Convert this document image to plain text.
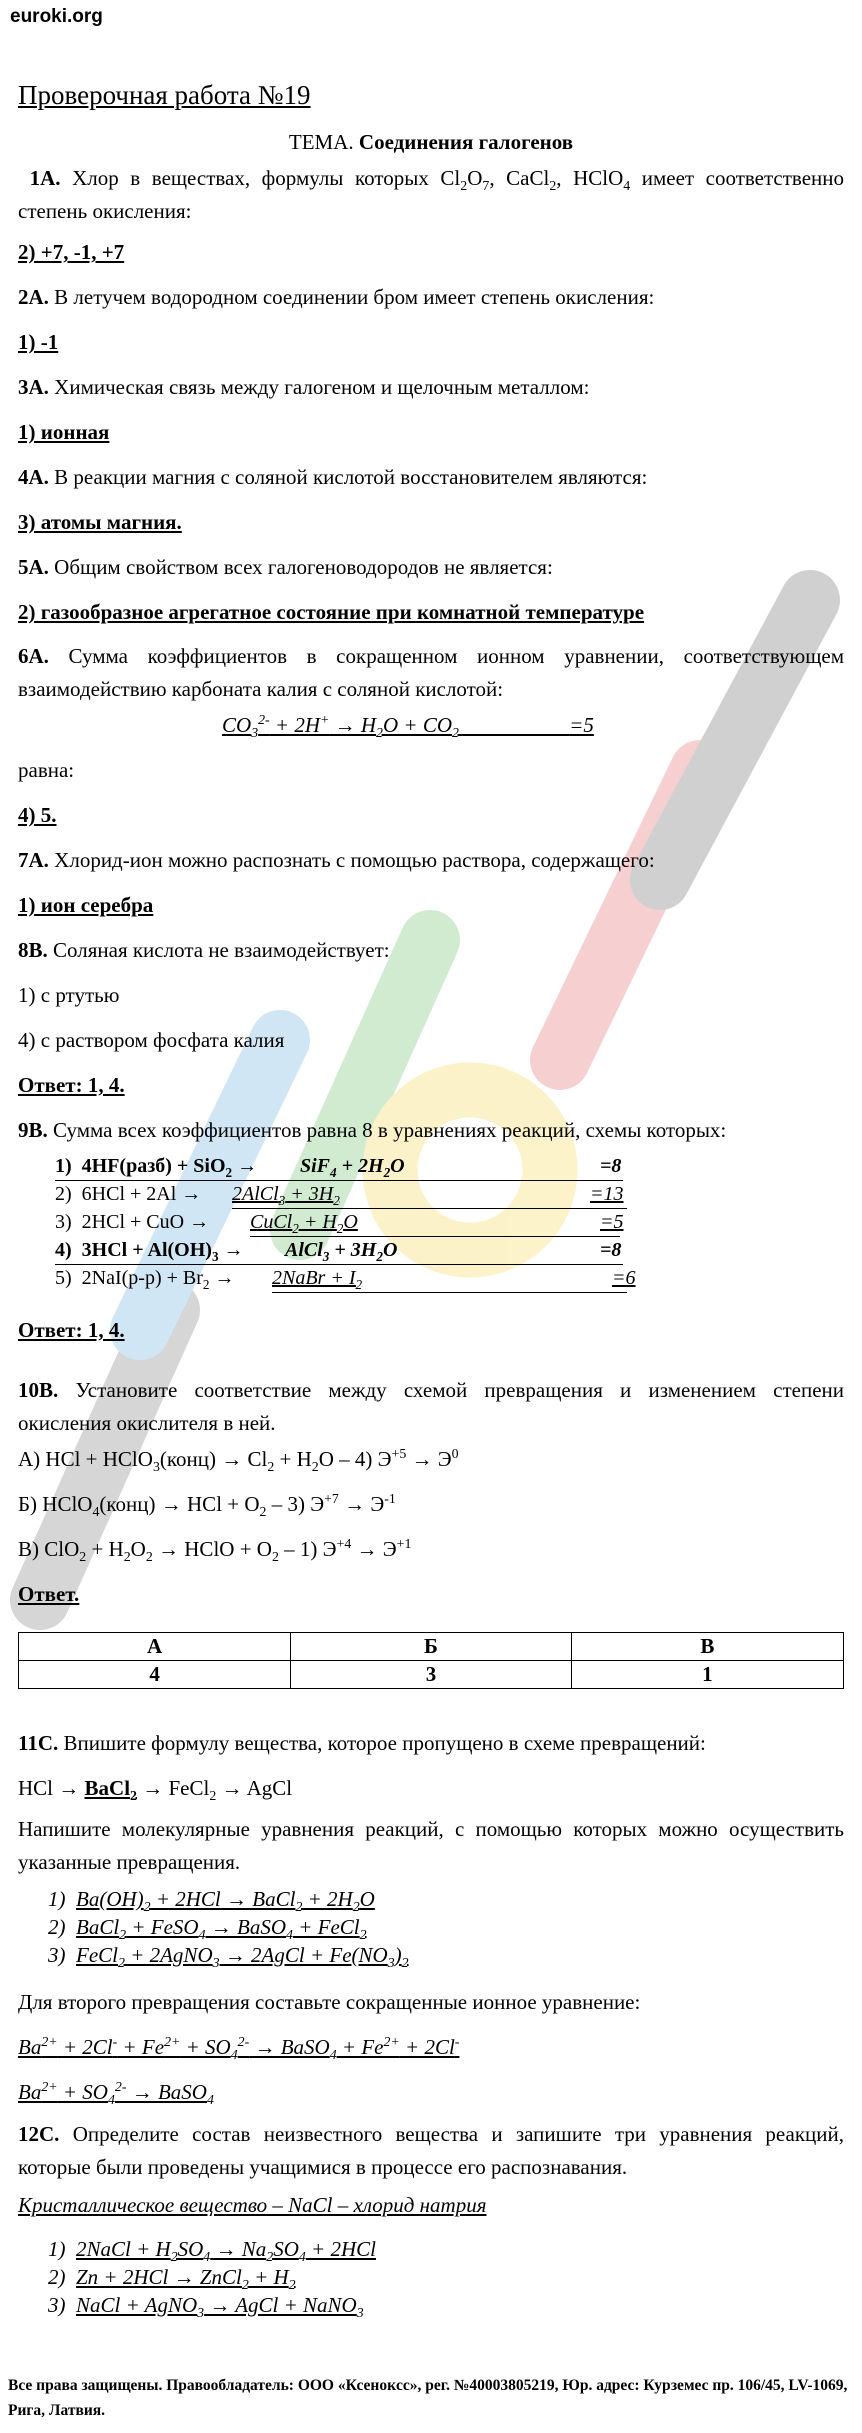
euroki.org
Проверочная работа №19
ТЕМА. Соединения галогенов
1А. Хлор в веществах, формулы которых $Cl_2O_7$, CaCl$_2$, HClO$_4$ имеет соответственно степень окисления:
2) +7, -1, +7
2А. В летучем водородном соединении бром имеет степень окисления:
1) -1
3А. Химическая связь между галогеном и щелочным металлом:
1) ионная
4А. В реакции магния с соляной кислотой восстановителем являются:
3) атомы магния.
5А. Общим свойством всех галогеноводородов не является:
2) газообразное агрегатное состояние при комнатной температуре
6А. Сумма коэффициентов в сокращенном ионном уравнении, соответствующем взаимодействию карбоната калия с соляной кислотой:
$CO_3^{2-} + 2H^+ \to H_2O + CO_2$	=5
равна:
4) 5.
7А. Хлорид-ион можно распознать с помощью раствора, содержащего:
1) ион серебра
8В. Соляная кислота не взаимодействует:
1) с ртутью
4) с раствором фосфата калия
Ответ: 1, 4.
9В. Сумма всех коэффициентов равна 8 в уравнениях реакций, схемы которых:
1)  4HF(разб) + $SiO_2 \to SiF_4 + 2H_2O$	=8
2)  6HCl + 2Al → 2AlCl$_3$ + $3H_2$	=13
3)  2HCl + CuO → CuCl$_2$ + $H_2O$	=5
4)  $3HCl + Al(OH)_3$ → AlCl$_3$ + $3H_2O$	=8
5)  $2NaI(р-р) + Br_2$ → 2NaBr + $I_2$	=6
Ответ: 1, 4.
10В. Установите соответствие между схемой превращения и изменением степени окисления окислителя в ней.
А) HCl + HClO$_3$(конц) → $Cl_2 + H_2O - 4$) $Э^{+5} \to Э^0$
Б) HClO$_4$(конц) → HCl + $O_2 - 3$) $Э^{+7} \to Э^{-1}$
В) $ClO_2 + H_2O_2$ → HClO + $O_2 - 1$) $Э^{+4} \to Э^{+1}$
Ответ.
А	Б	В
4	3	1
11С. Впишите формулу вещества, которое пропущено в схеме превращений:
HCl → BaCl$_2$ → FeCl$_2$ → AgCl
Напишите молекулярные уравнения реакций, с помощью которых можно осуществить указанные превращения.
1)  $Ba(OH)_2 + 2HCl$ → BaCl$_2$ + $2H_2O$
2)  BaCl$_2$ + FeSO$_4$ → BaSO$_4$ + FeCl$_2$
3)  FeCl$_2$ + 2AgNO$_3$ → 2AgCl + $Fe(NO_3)_2$
Для второго превращения составьте сокращенные ионное уравнение:
$Ba^{2+} + 2Cl^- + Fe^{2+} + SO_4^{2-}$ → BaSO$_4$ + $Fe^{2+} + 2Cl^-$
$Ba^{2+} + SO_4^{2-}$ → BaSO$_4$
12С. Определите состав неизвестного вещества и запишите три уравнения реакций, которые были проведены учащимися в процессе его распознавания.
Кристаллическое вещество – NaCl – хлорид натрия
1)  2NaCl + $H_2SO_4 \to Na_2SO_4 + 2HCl$
2)  Zn + 2HCl → ZnCl$_2$ + $H_2$
3)  NaCl + AgNO$_3$ → AgCl + NaNO$_3$
Все права защищены. Правообладатель: ООО «Ксенокcс», рег. №40003805219, Юр. адрес: Курземес пр. 106/45, LV-1069, Рига, Латвия.
